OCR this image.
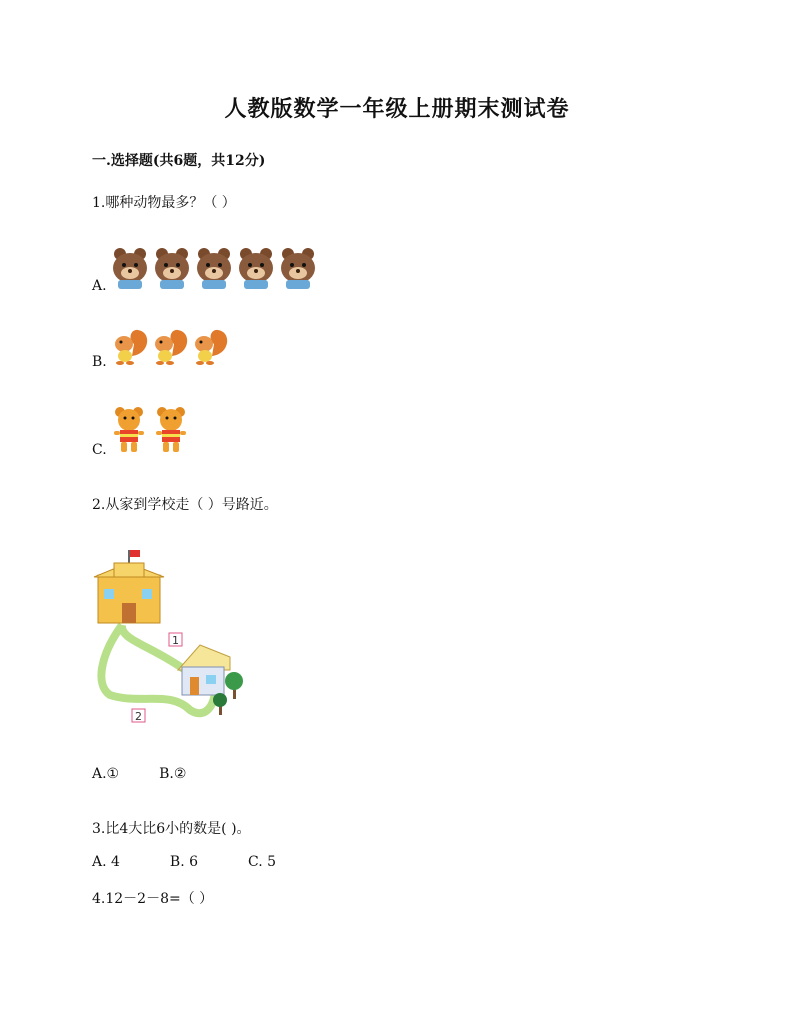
人教版数学一年级上册期末测试卷
一.选择题(共6题，共12分)
1.哪种动物最多？（ ）
A.
B.
C.
2.从家到学校走（ ）号路近。
1
2
A.①	B.②
3.比4大比6小的数是( )。
A. 4	B. 6	C. 5
4.12－2－8=（ ）
